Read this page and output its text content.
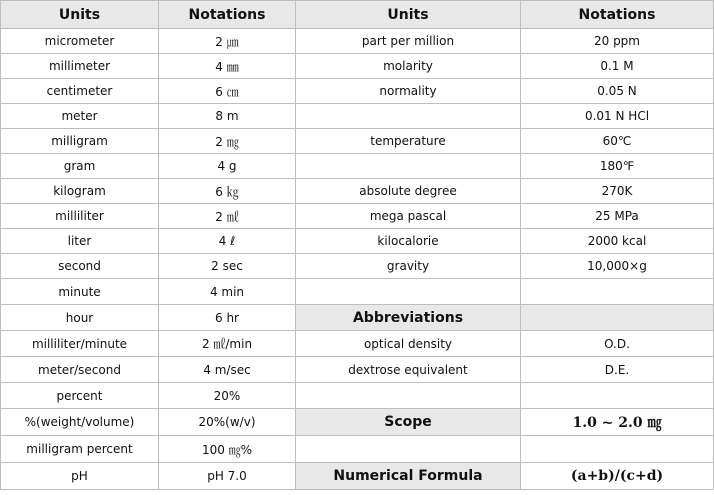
Units	Notations	Units	Notations
micrometer	2 ㎛	part per million	20 ppm
millimeter	4 ㎜	molarity	0.1 M
centimeter	6 ㎝	normality	0.05 N
meter	8 m		0.01 N HCl
milligram	2 ㎎	temperature	60℃
gram	4 g		180℉
kilogram	6 ㎏	absolute degree	270K
milliliter	2 ㎖	mega pascal	25 MPa
liter	4 ℓ	kilocalorie	2000 kcal
second	2 sec	gravity	10,000×g
minute	4 min		
hour	6 hr	Abbreviations	
milliliter/minute	2 ㎖/min	optical density	O.D.
meter/second	4 m/sec	dextrose equivalent	D.E.
percent	20%		
%(weight/volume)	20%(w/v)	Scope	1.0 ~ 2.0 ㎎
milligram percent	100 ㎎%		
pH	pH 7.0	Numerical Formula	(a+b)/(c+d)
